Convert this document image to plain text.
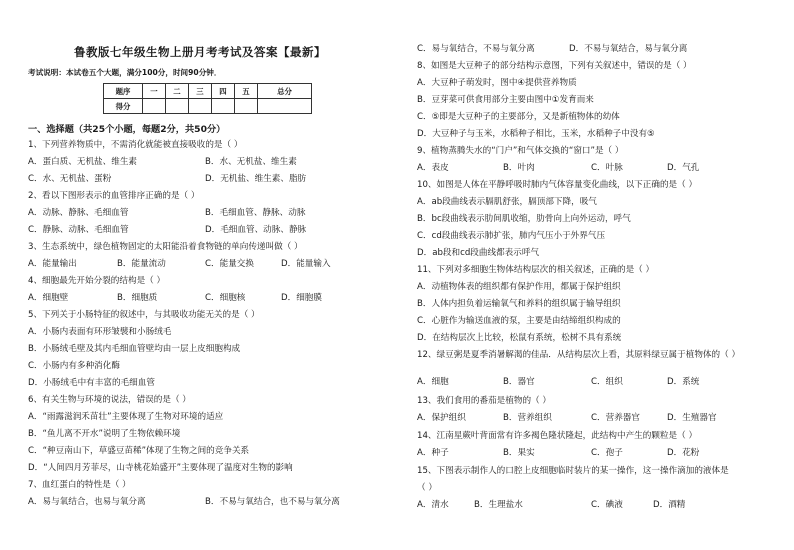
鲁教版七年级生物上册月考考试及答案【最新】
考试说明：本试卷五个大题，满分100分，时间90分钟．
题序	一	二	三	四	五	总分
得分						
一、选择题（共25个小题，每题2分，共50分）
1、下列营养物质中，不需消化就能被直接吸收的是（ ）
A．蛋白质、无机盐、维生素	B．水、无机盐、维生素
C．水、无机盐、蛋粉	D．无机盐、维生素、脂肪
2、看以下图形表示的血管排序正确的是（ ）
A．动脉、静脉、毛细血管	B．毛细血管、静脉、动脉
C．静脉、动脉、毛细血管	D．毛细血管、动脉、静脉
3、生态系统中，绿色植物固定的太阳能沿着食物链的单向传递叫做（ ）
A．能量输出	B．能量流动	C．能量交换	D．能量输入
4、细胞最先开始分裂的结构是（ ）
A．细胞壁	B．细胞质	C．细胞核	D．细胞膜
5、下列关于小肠特征的叙述中，与其吸收功能无关的是（ ）
A．小肠内表面有环形皱襞和小肠绒毛
B．小肠绒毛壁及其内毛细血管壁均由一层上皮细胞构成
C．小肠内有多种消化酶
D．小肠绒毛中有丰富的毛细血管
6、有关生物与环境的说法，错误的是（ ）
A．“雨露滋润禾苗壮”主要体现了生物对环境的适应
B．“鱼儿离不开水”说明了生物依赖环境
C．“种豆南山下，草盛豆苗稀”体现了生物之间的竞争关系
D．“人间四月芳菲尽，山寺桃花始盛开”主要体现了温度对生物的影响
7、血红蛋白的特性是（ ）
A．易与氧结合，也易与氧分离	B．不易与氧结合，也不易与氧分离
C．易与氧结合，不易与氧分离	D．不易与氧结合，易与氧分离
8、如图是大豆种子的部分结构示意图，下列有关叙述中，错误的是（ ）
A．大豆种子萌发时，图中④提供营养物质
B．豆芽菜可供食用部分主要由图中①发育而来
C．⑤即是大豆种子的主要部分，又是新植物体的幼体
D．大豆种子与玉米，水稻种子相比，玉米，水稻种子中没有⑤
9、植物蒸腾失水的“门户”和气体交换的“窗口”是（ ）
A．表皮	B．叶肉	C．叶脉	D．气孔
10、如图是人体在平静呼吸时肺内气体容量变化曲线，以下正确的是（ ）
A．ab段曲线表示膈肌舒张，膈顶部下降，吸气
B．bc段曲线表示肋间肌收缩，肋骨向上向外运动，呼气
C．cd段曲线表示肺扩张，肺内气压小于外界气压
D．ab段和cd段曲线都表示呼气
11、下列对多细胞生物体结构层次的相关叙述，正确的是（ ）
A．动植物体表的组织都有保护作用，都属于保护组织
B．人体内担负着运输氧气和养料的组织属于输导组织
C．心脏作为输送血液的泵，主要是由结缔组织构成的
D．在结构层次上比较，松鼠有系统，松树不具有系统
12、绿豆粥是夏季消暑解渴的佳品．从结构层次上看，其原料绿豆属于植物体的（ ）
A．细胞	B．器官	C．组织	D．系统
13、我们食用的番茄是植物的（ ）
A．保护组织	B．营养组织	C．营养器官	D．生殖器官
14、江南星蕨叶背面常有许多褐色隆状隆起，此结构中产生的颗粒是（ ）
A．种子	B．果实	C．孢子	D．花粉
15、下图表示制作人的口腔上皮细胞临时装片的某一操作，这一操作滴加的液体是
（ ）
A．清水	B．生理盐水	C．碘液	D．酒精
